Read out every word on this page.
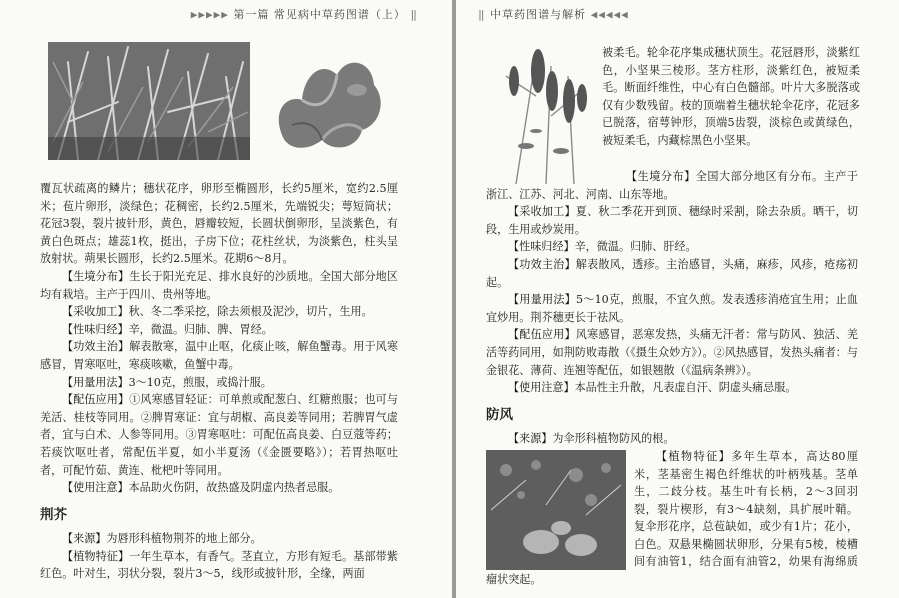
▶▶▶▶▶ 第一篇 常见病中草药图谱（上） ‖

覆瓦状疏离的鳞片；穗状花序，卵形至椭圆形，长约5厘米，宽约2.5厘米；苞片卵形，淡绿色；花稠密，长约2.5厘米，先端锐尖；萼短筒状；花冠3裂，裂片披针形，黄色，唇瓣较短，长圆状倒卵形，呈淡紫色，有黄白色斑点；雄蕊1枚，挺出，子房下位；花柱丝状，为淡紫色，柱头呈放射状。蒴果长圆形，长约2.5厘米。花期6～8月。

【生境分布】生长于阳光充足、排水良好的沙质地。全国大部分地区均有栽培。主产于四川、贵州等地。

【采收加工】秋、冬二季采挖，除去须根及泥沙，切片，生用。

【性味归经】辛，微温。归肺、脾、胃经。

【功效主治】解表散寒，温中止呕，化痰止咳，解鱼蟹毒。用于风寒感冒，胃寒呕吐，寒痰咳嗽，鱼蟹中毒。

【用量用法】3～10克，煎服，或捣汁服。

【配伍应用】①风寒感冒轻证：可单煎或配葱白、红糖煎服；也可与羌活、桂枝等同用。②脾胃寒证：宜与胡椒、高良姜等同用；若脾胃气虚者，宜与白术、人参等同用。③胃寒呕吐：可配伍高良姜、白豆蔻等药；若痰饮呕吐者，常配伍半夏，如小半夏汤（《金匮要略》）；若胃热呕吐者，可配竹茹、黄连、枇杷叶等同用。

【使用注意】本品助火伤阴，故热盛及阴虚内热者忌服。

荆芥

【来源】为唇形科植物荆芥的地上部分。

【植物特征】一年生草本，有香气。茎直立，方形有短毛。基部带紫红色。叶对生，羽状分裂，裂片3～5，线形或披针形，全缘，两面

‖ 中草药图谱与解析 ◀◀◀◀◀

被柔毛。轮伞花序集成穗状顶生。花冠唇形，淡紫红色，小坚果三棱形。茎方柱形，淡紫红色，被短柔毛。断面纤维性，中心有白色髓部。叶片大多脱落或仅有少数残留。枝的顶端着生穗状轮伞花序，花冠多已脱落，宿萼钟形，顶端5齿裂，淡棕色或黄绿色，被短柔毛，内藏棕黑色小坚果。

【生境分布】全国大部分地区有分布。主产于浙江、江苏、河北、河南、山东等地。

【采收加工】夏、秋二季花开到顶、穗绿时采割，除去杂质。晒干，切段，生用或炒炭用。

【性味归经】辛，微温。归肺、肝经。

【功效主治】解表散风，透疹。主治感冒，头痛，麻疹，风疹，疮疡初起。

【用量用法】5～10克，煎服，不宜久煎。发表透疹消疮宜生用；止血宜炒用。荆芥穗更长于祛风。

【配伍应用】风寒感冒，恶寒发热，头痛无汗者：常与防风、独活、羌活等药同用，如荆防败毒散（《摄生众妙方》）。②风热感冒，发热头痛者：与金银花、薄荷、连翘等配伍，如银翘散（《温病条辨》）。

【使用注意】本品性主升散，凡表虚自汗、阴虚头痛忌服。

防风

【来源】为伞形科植物防风的根。

【植物特征】多年生草本，高达80厘米，茎基密生褐色纤维状的叶柄残基。茎单生，二歧分枝。基生叶有长柄，2～3回羽裂，裂片楔形，有3～4缺刻，具扩展叶鞘。复伞形花序，总苞缺如，或少有1片；花小，白色。双悬果椭圆状卵形，分果有5棱，棱槽间有油管1，结合面有油管2，幼果有海绵质瘤状突起。
